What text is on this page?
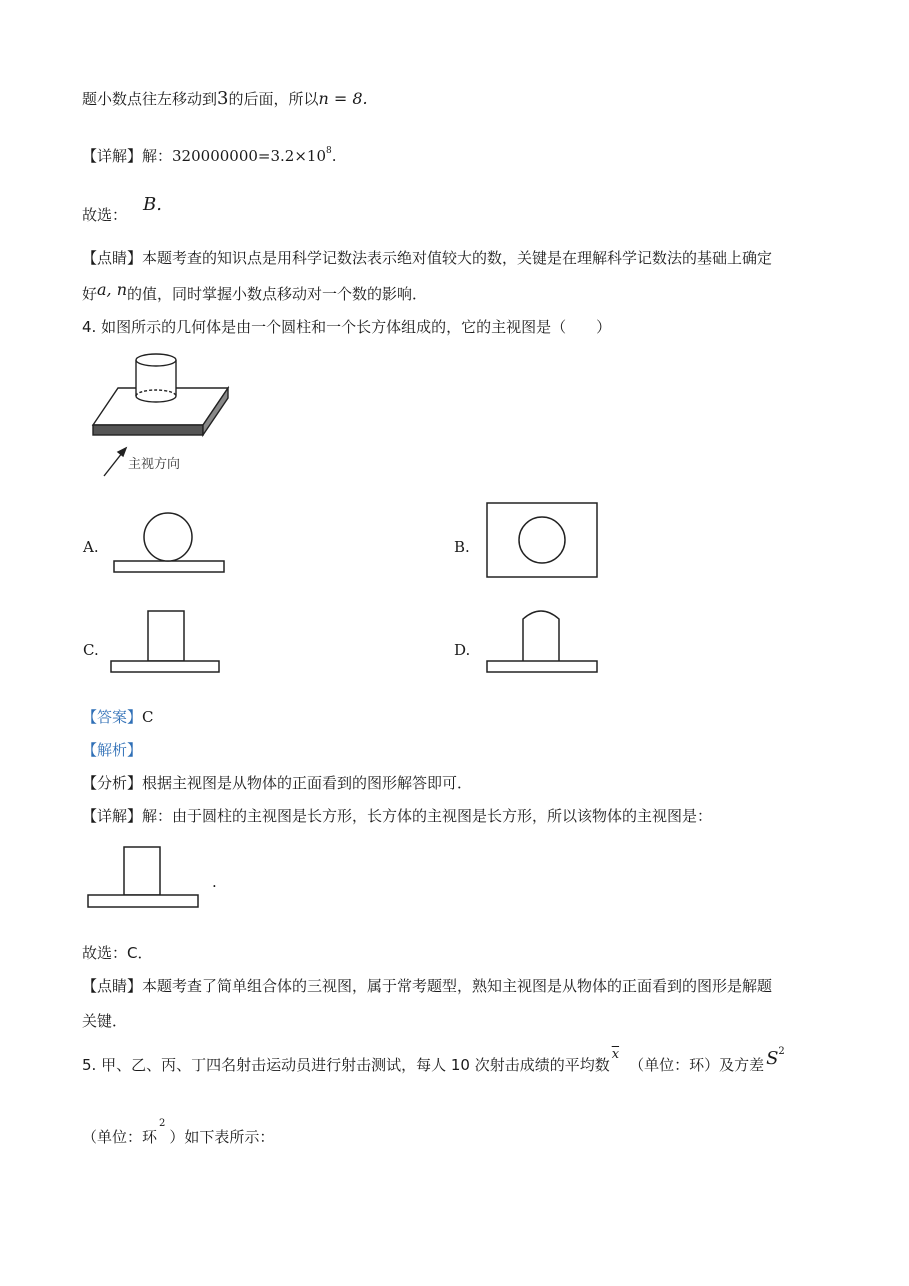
题小数点往左移动到3的后面，所以n = 8.
【详解】解：$320000000=3.2\times 10^8$.
故选： B.
【点睛】本题考查的知识点是用科学记数法表示绝对值较大的数，关键是在理解科学记数法的基础上确定
好a, n的值，同时掌握小数点移动对一个数的影响．
4. 如图所示的几何体是由一个圆柱和一个长方体组成的，它的主视图是（　　）
主视方向
A.	B.
C.	D.
【答案】C
【解析】
【分析】根据主视图是从物体的正面看到的图形解答即可．
【详解】解：由于圆柱的主视图是长方形，长方体的主视图是长方形，所以该物体的主视图是：
.
故选：C．
【点睛】本题考查了简单组合体的三视图，属于常考题型，熟知主视图是从物体的正面看到的图形是解题
关键．
5. 甲、乙、丙、丁四名射击运动员进行射击测试，每人 10 次射击成绩的平均数$\overline{x}$（单位：环）及方差 $S^2$
（单位：环$^2$）如下表所示：
